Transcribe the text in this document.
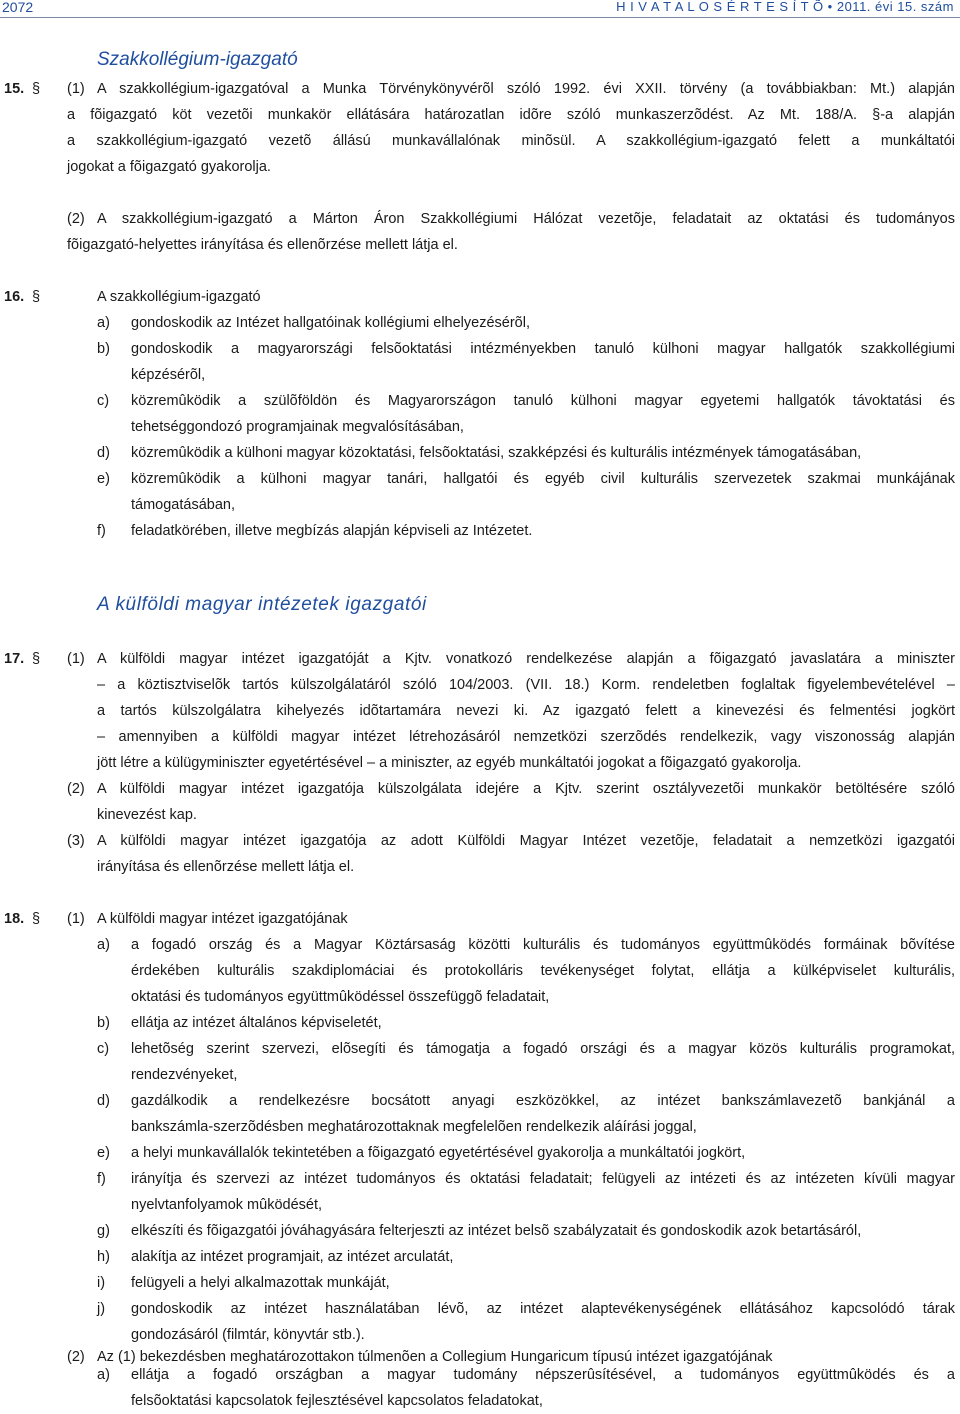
2072	H I V A T A L O S É R T E S Í T Õ • 2011. évi 15. szám
Szakkollégium-igazgató
15. § (1) A szakkollégium-igazgatóval a Munka Törvénykönyvérõl szóló 1992. évi XXII. törvény (a továbbiakban: Mt.) alapján
a fõigazgató köt vezetõi munkakör ellátására határozatlan idõre szóló munkaszerzõdést. Az Mt. 188/A. §-a alapján
a szakkollégium-igazgató vezetõ állású munkavállalónak minõsül. A szakkollégium-igazgató felett a munkáltatói
jogokat a fõigazgató gyakorolja.
(2) A szakkollégium-igazgató a Márton Áron Szakkollégiumi Hálózat vezetõje, feladatait az oktatási és tudományos
fõigazgató-helyettes irányítása és ellenõrzése mellett látja el.
16. §	A szakkollégium-igazgató
a) gondoskodik az Intézet hallgatóinak kollégiumi elhelyezésérõl,
b) gondoskodik a magyarországi felsõoktatási intézményekben tanuló külhoni magyar hallgatók szakkollégiumi
képzésérõl,
c) közremûködik a szülõföldön és Magyarországon tanuló külhoni magyar egyetemi hallgatók távoktatási és
tehetséggondozó programjainak megvalósításában,
d) közremûködik a külhoni magyar közoktatási, felsõoktatási, szakképzési és kulturális intézmények támogatásában,
e) közremûködik a külhoni magyar tanári, hallgatói és egyéb civil kulturális szervezetek szakmai munkájának
támogatásában,
f) feladatkörében, illetve megbízás alapján képviseli az Intézetet.
A külföldi magyar intézetek igazgatói
17. § (1) A külföldi magyar intézet igazgatóját a Kjtv. vonatkozó rendelkezése alapján a fõigazgató javaslatára a miniszter
– a köztisztviselõk tartós külszolgálatáról szóló 104/2003. (VII. 18.) Korm. rendeletben foglaltak figyelembevételével –
a tartós külszolgálatra kihelyezés idõtartamára nevezi ki. Az igazgató felett a kinevezési és felmentési jogkört
– amennyiben a külföldi magyar intézet létrehozásáról nemzetközi szerzõdés rendelkezik, vagy viszonosság alapján
jött létre a külügyminiszter egyetértésével – a miniszter, az egyéb munkáltatói jogokat a fõigazgató gyakorolja.
(2) A külföldi magyar intézet igazgatója külszolgálata idejére a Kjtv. szerint osztályvezetõi munkakör betöltésére szóló
kinevezést kap.
(3) A külföldi magyar intézet igazgatója az adott Külföldi Magyar Intézet vezetõje, feladatait a nemzetközi igazgatói
irányítása és ellenõrzése mellett látja el.
18. § (1) A külföldi magyar intézet igazgatójának
a) a fogadó ország és a Magyar Köztársaság közötti kulturális és tudományos együttmûködés formáinak bõvítése
érdekében kulturális szakdiplomáciai és protokolláris tevékenységet folytat, ellátja a külképviselet kulturális,
oktatási és tudományos együttmûködéssel összefüggõ feladatait,
b) ellátja az intézet általános képviseletét,
c) lehetõség szerint szervezi, elõsegíti és támogatja a fogadó országi és a magyar közös kulturális programokat,
rendezvényeket,
d) gazdálkodik a rendelkezésre bocsátott anyagi eszközökkel, az intézet bankszámlavezetõ bankjánál a
bankszámla-szerzõdésben meghatározottaknak megfelelõen rendelkezik aláírási joggal,
e) a helyi munkavállalók tekintetében a fõigazgató egyetértésével gyakorolja a munkáltatói jogkört,
f) irányítja és szervezi az intézet tudományos és oktatási feladatait; felügyeli az intézeti és az intézeten kívüli magyar
nyelvtanfolyamok mûködését,
g) elkészíti és fõigazgatói jóváhagyására felterjeszti az intézet belsõ szabályzatait és gondoskodik azok betartásáról,
h) alakítja az intézet programjait, az intézet arculatát,
i) felügyeli a helyi alkalmazottak munkáját,
j) gondoskodik az intézet használatában lévõ, az intézet alaptevékenységének ellátásához kapcsolódó tárak
gondozásáról (filmtár, könyvtár stb.).
(2) Az (1) bekezdésben meghatározottakon túlmenõen a Collegium Hungaricum típusú intézet igazgatójának
a) ellátja a fogadó országban a magyar tudomány népszerûsítésével, a tudományos együttmûködés és a
felsõoktatási kapcsolatok fejlesztésével kapcsolatos feladatokat,
